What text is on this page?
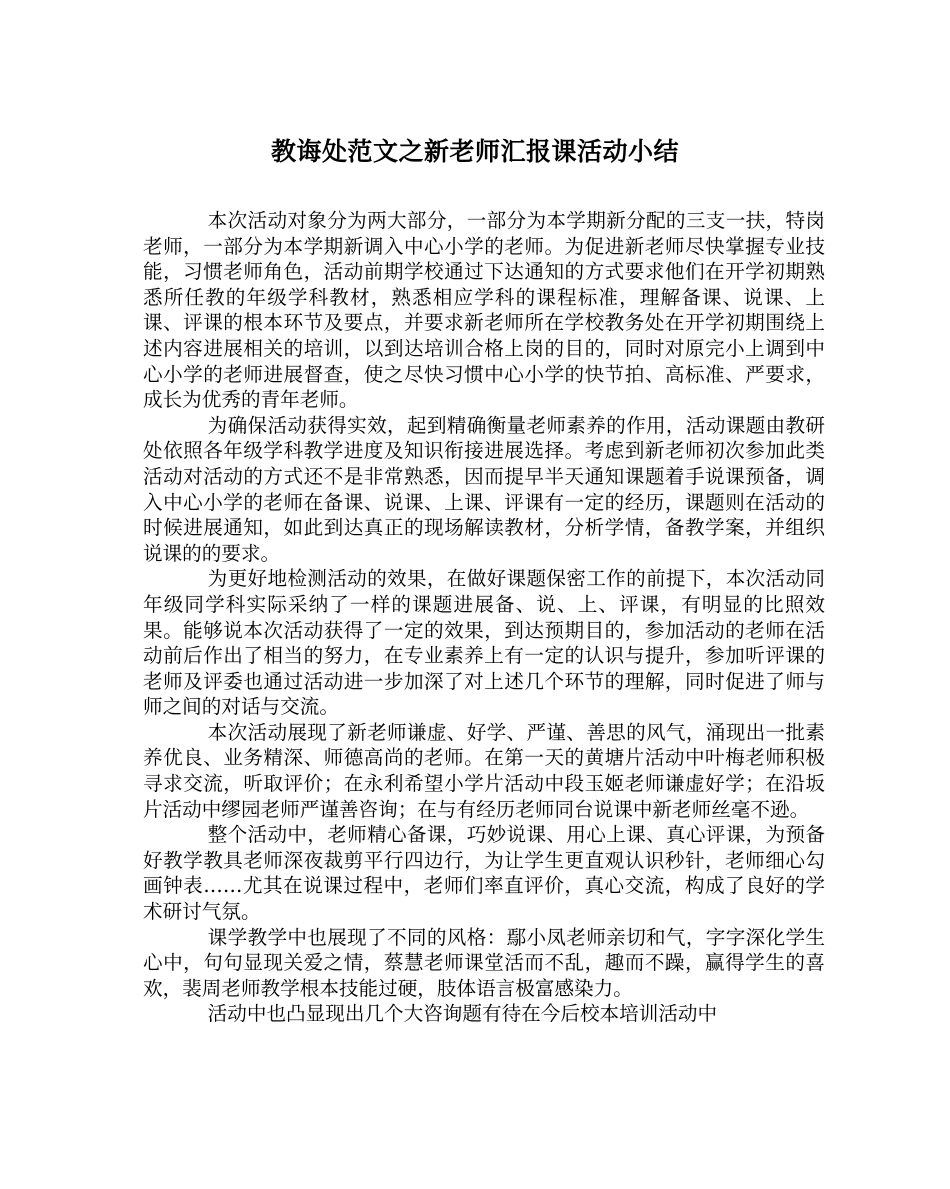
教诲处范文之新老师汇报课活动小结

本次活动对象分为两大部分，一部分为本学期新分配的三支一扶，特岗老师，一部分为本学期新调入中心小学的老师。为促进新老师尽快掌握专业技能，习惯老师角色，活动前期学校通过下达通知的方式要求他们在开学初期熟悉所任教的年级学科教材，熟悉相应学科的课程标准，理解备课、说课、上课、评课的根本环节及要点，并要求新老师所在学校教务处在开学初期围绕上述内容进展相关的培训，以到达培训合格上岗的目的，同时对原完小上调到中心小学的老师进展督查，使之尽快习惯中心小学的快节拍、高标准、严要求，成长为优秀的青年老师。

为确保活动获得实效，起到精确衡量老师素养的作用，活动课题由教研处依照各年级学科教学进度及知识衔接进展选择。考虑到新老师初次参加此类活动对活动的方式还不是非常熟悉，因而提早半天通知课题着手说课预备，调入中心小学的老师在备课、说课、上课、评课有一定的经历，课题则在活动的时候进展通知，如此到达真正的现场解读教材，分析学情，备教学案，并组织说课的的要求。

为更好地检测活动的效果，在做好课题保密工作的前提下，本次活动同年级同学科实际采纳了一样的课题进展备、说、上、评课，有明显的比照效果。能够说本次活动获得了一定的效果，到达预期目的，参加活动的老师在活动前后作出了相当的努力，在专业素养上有一定的认识与提升，参加听评课的老师及评委也通过活动进一步加深了对上述几个环节的理解，同时促进了师与师之间的对话与交流。

本次活动展现了新老师谦虚、好学、严谨、善思的风气，涌现出一批素养优良、业务精深、师德高尚的老师。在第一天的黄塘片活动中叶梅老师积极寻求交流，听取评价；在永利希望小学片活动中段玉姬老师谦虚好学；在沿坂片活动中缪园老师严谨善咨询；在与有经历老师同台说课中新老师丝毫不逊。

整个活动中，老师精心备课，巧妙说课、用心上课、真心评课，为预备好教学教具老师深夜裁剪平行四边行，为让学生更直观认识秒针，老师细心勾画钟表……尤其在说课过程中，老师们率直评价，真心交流，构成了良好的学术研讨气氛。

课学教学中也展现了不同的风格：鄢小凤老师亲切和气，字字深化学生心中，句句显现关爱之情，蔡慧老师课堂活而不乱，趣而不躁，赢得学生的喜欢，裴周老师教学根本技能过硬，肢体语言极富感染力。

活动中也凸显现出几个大咨询题有待在今后校本培训活动中
